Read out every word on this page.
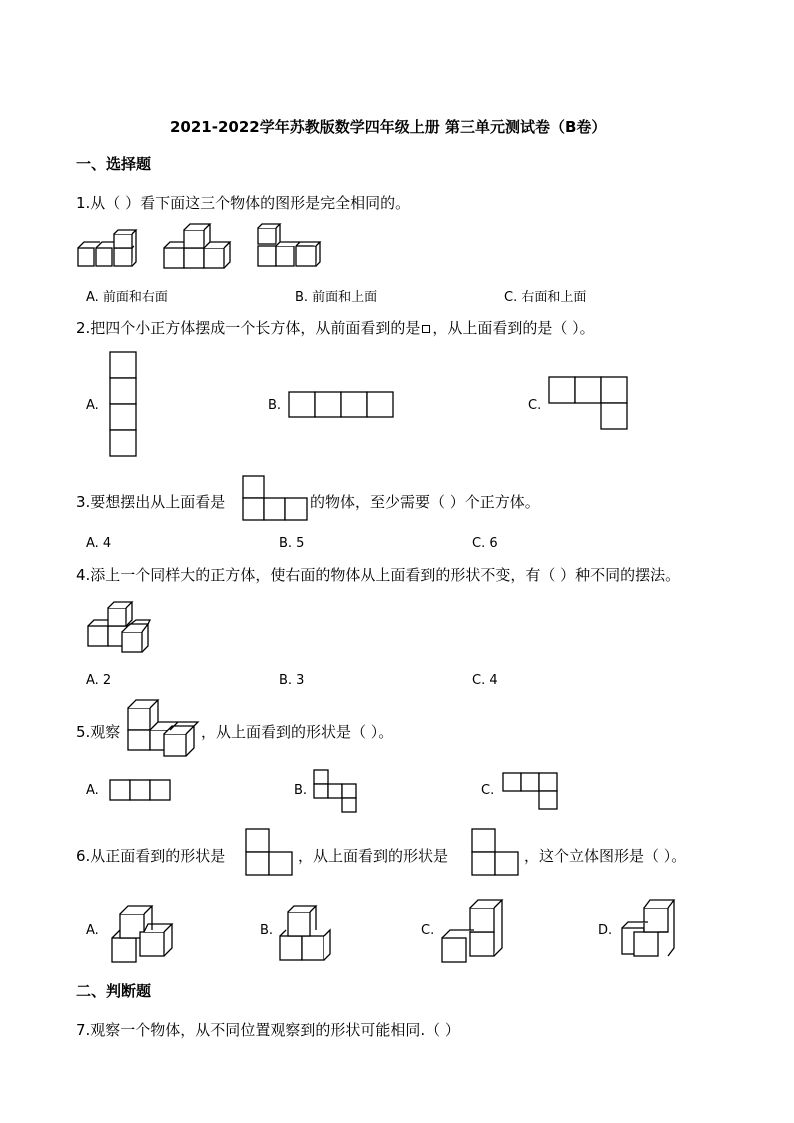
2021-2022学年苏教版数学四年级上册 第三单元测试卷（B卷）
一、选择题
1.从（ ）看下面这三个物体的图形是完全相同的。
A. 前面和右面	B. 前面和上面	C. 右面和上面
2.把四个小正方体摆成一个长方体，从前面看到的是 ，从上面看到的是（ ）。
A.	B.	C.
3.要想摆出从上面看是	的物体，至少需要（ ）个正方体。
A. 4	B. 5	C. 6
4.添上一个同样大的正方体，使右面的物体从上面看到的形状不变，有（ ）种不同的摆法。
A. 2	B. 3	C. 4
5.观察	，从上面看到的形状是（ ）。
A.	B.	C.
6.从正面看到的形状是	，从上面看到的形状是	，这个立体图形是（ ）。
A.	B.	C.	D.
二、判断题
7.观察一个物体，从不同位置观察到的形状可能相同.（ ）
